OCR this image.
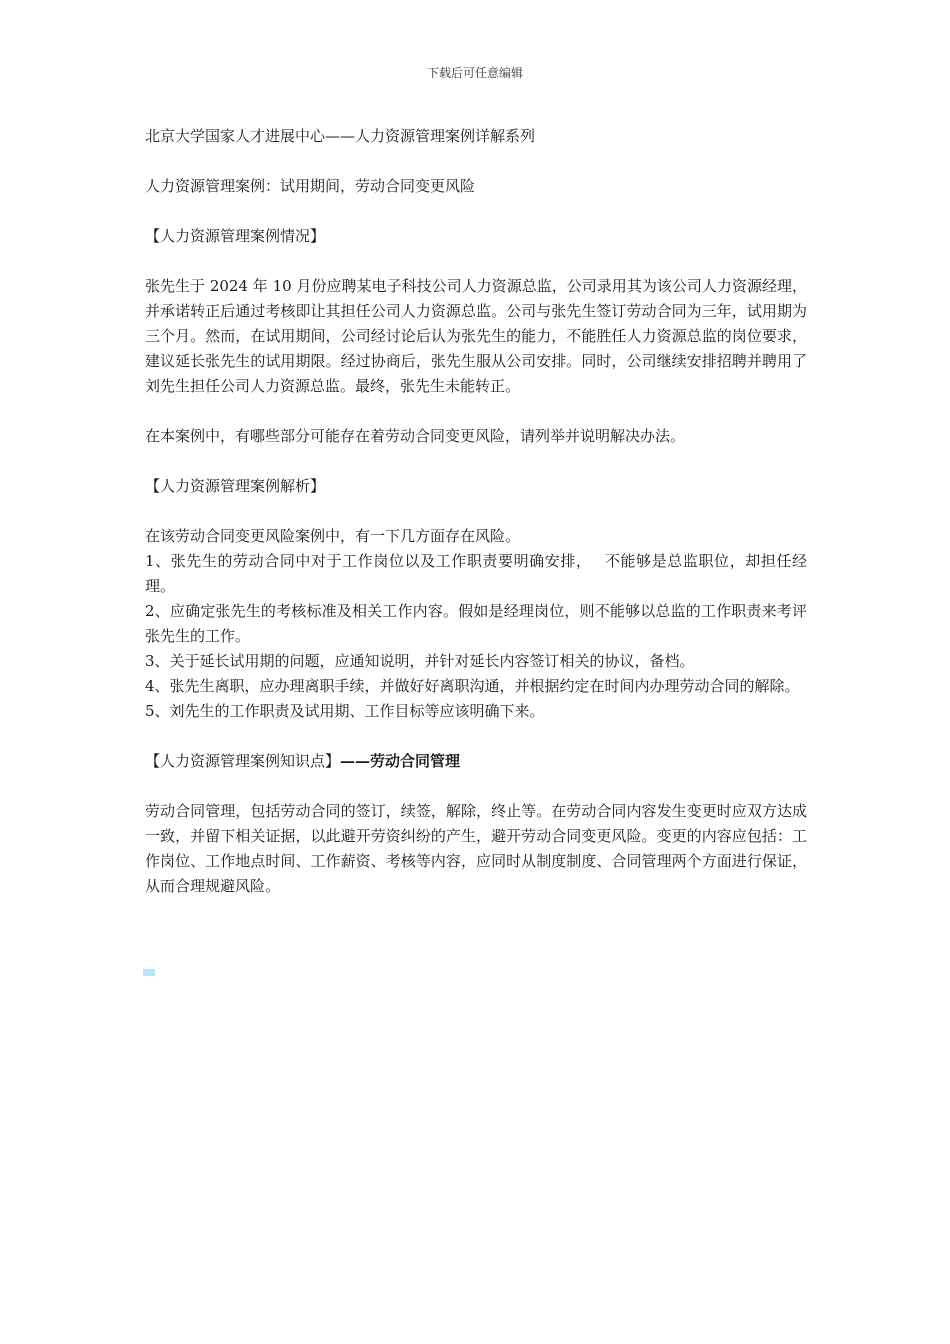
下载后可任意编辑

北京大学国家人才进展中心——人力资源管理案例详解系列

人力资源管理案例：试用期间，劳动合同变更风险

【人力资源管理案例情况】

张先生于 2024 年 10 月份应聘某电子科技公司人力资源总监，公司录用其为该公司人力资源经理，并承诺转正后通过考核即让其担任公司人力资源总监。公司与张先生签订劳动合同为三年，试用期为三个月。然而，在试用期间，公司经讨论后认为张先生的能力，不能胜任人力资源总监的岗位要求，建议延长张先生的试用期限。经过协商后，张先生服从公司安排。同时，公司继续安排招聘并聘用了刘先生担任公司人力资源总监。最终，张先生未能转正。

在本案例中，有哪些部分可能存在着劳动合同变更风险，请列举并说明解决办法。

【人力资源管理案例解析】

在该劳动合同变更风险案例中，有一下几方面存在风险。

1、张先生的劳动合同中对于工作岗位以及工作职责要明确安排，　 不能够是总监职位，却担任经理。

2、应确定张先生的考核标准及相关工作内容。假如是经理岗位，则不能够以总监的工作职责来考评张先生的工作。

3、关于延长试用期的问题，应通知说明，并针对延长内容签订相关的协议，备档。

4、张先生离职，应办理离职手续，并做好好离职沟通，并根据约定在时间内办理劳动合同的解除。

5、刘先生的工作职责及试用期、工作目标等应该明确下来。

【人力资源管理案例知识点】——劳动合同管理

劳动合同管理，包括劳动合同的签订，续签，解除，终止等。在劳动合同内容发生变更时应双方达成一致，并留下相关证据，以此避开劳资纠纷的产生，避开劳动合同变更风险。变更的内容应包括：工作岗位、工作地点时间、工作薪资、考核等内容，应同时从制度制度、合同管理两个方面进行保证，从而合理规避风险。
